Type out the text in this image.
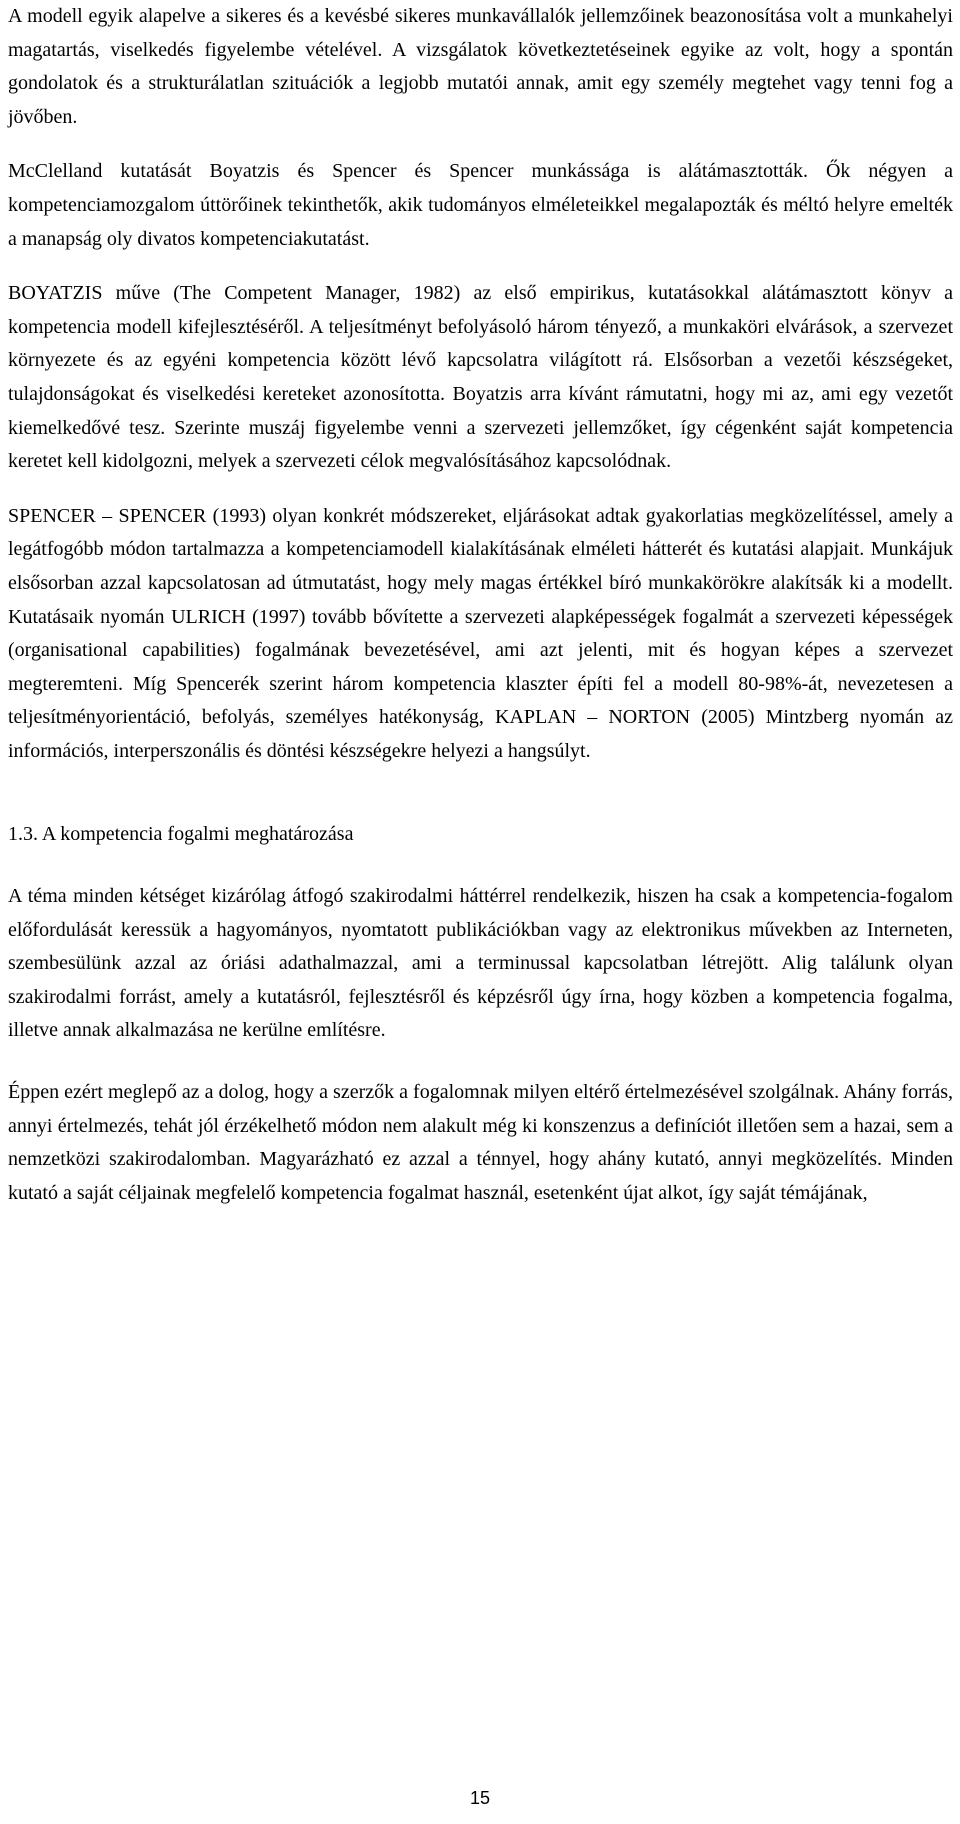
A modell egyik alapelve a sikeres és a kevésbé sikeres munkavállalók jellemzőinek beazonosítása volt a munkahelyi magatartás, viselkedés figyelembe vételével. A vizsgálatok következtetéseinek egyike az volt, hogy a spontán gondolatok és a strukturálatlan szituációk a legjobb mutatói annak, amit egy személy megtehet vagy tenni fog a jövőben.

McClelland kutatását Boyatzis és Spencer és Spencer munkássága is alátámasztották. Ők négyen a kompetenciamozgalom úttörőinek tekinthetők, akik tudományos elméleteikkel megalapozták és méltó helyre emelték a manapság oly divatos kompetenciakutatást.

BOYATZIS műve (The Competent Manager, 1982) az első empirikus, kutatásokkal alátámasztott könyv a kompetencia modell kifejlesztéséről. A teljesítményt befolyásoló három tényező, a munkaköri elvárások, a szervezet környezete és az egyéni kompetencia között lévő kapcsolatra világított rá. Elsősorban a vezetői készségeket, tulajdonságokat és viselkedési kereteket azonosította. Boyatzis arra kívánt rámutatni, hogy mi az, ami egy vezetőt kiemelkedővé tesz. Szerinte muszáj figyelembe venni a szervezeti jellemzőket, így cégenként saját kompetencia keretet kell kidolgozni, melyek a szervezeti célok megvalósításához kapcsolódnak.

SPENCER – SPENCER (1993) olyan konkrét módszereket, eljárásokat adtak gyakorlatias megközelítéssel, amely a legátfogóbb módon tartalmazza a kompetenciamodell kialakításának elméleti hátterét és kutatási alapjait. Munkájuk elsősorban azzal kapcsolatosan ad útmutatást, hogy mely magas értékkel bíró munkakörökre alakítsák ki a modellt. Kutatásaik nyomán ULRICH (1997) tovább bővítette a szervezeti alapképességek fogalmát a szervezeti képességek (organisational capabilities) fogalmának bevezetésével, ami azt jelenti, mit és hogyan képes a szervezet megteremteni. Míg Spencerék szerint három kompetencia klaszter építi fel a modell 80-98%-át, nevezetesen a teljesítményorientáció, befolyás, személyes hatékonyság, KAPLAN – NORTON (2005) Mintzberg nyomán az információs, interperszonális és döntési készségekre helyezi a hangsúlyt.

1.3. A kompetencia fogalmi meghatározása

A téma minden kétséget kizárólag átfogó szakirodalmi háttérrel rendelkezik, hiszen ha csak a kompetencia-fogalom előfordulását keressük a hagyományos, nyomtatott publikációkban vagy az elektronikus művekben az Interneten, szembesülünk azzal az óriási adathalmazzal, ami a terminussal kapcsolatban létrejött. Alig találunk olyan szakirodalmi forrást, amely a kutatásról, fejlesztésről és képzésről úgy írna, hogy közben a kompetencia fogalma, illetve annak alkalmazása ne kerülne említésre.

Éppen ezért meglepő az a dolog, hogy a szerzők a fogalomnak milyen eltérő értelmezésével szolgálnak. Ahány forrás, annyi értelmezés, tehát jól érzékelhető módon nem alakult még ki konszenzus a definíciót illetően sem a hazai, sem a nemzetközi szakirodalomban. Magyarázható ez azzal a ténnyel, hogy ahány kutató, annyi megközelítés. Minden kutató a saját céljainak megfelelő kompetencia fogalmat használ, esetenként újat alkot, így saját témájának,

15
